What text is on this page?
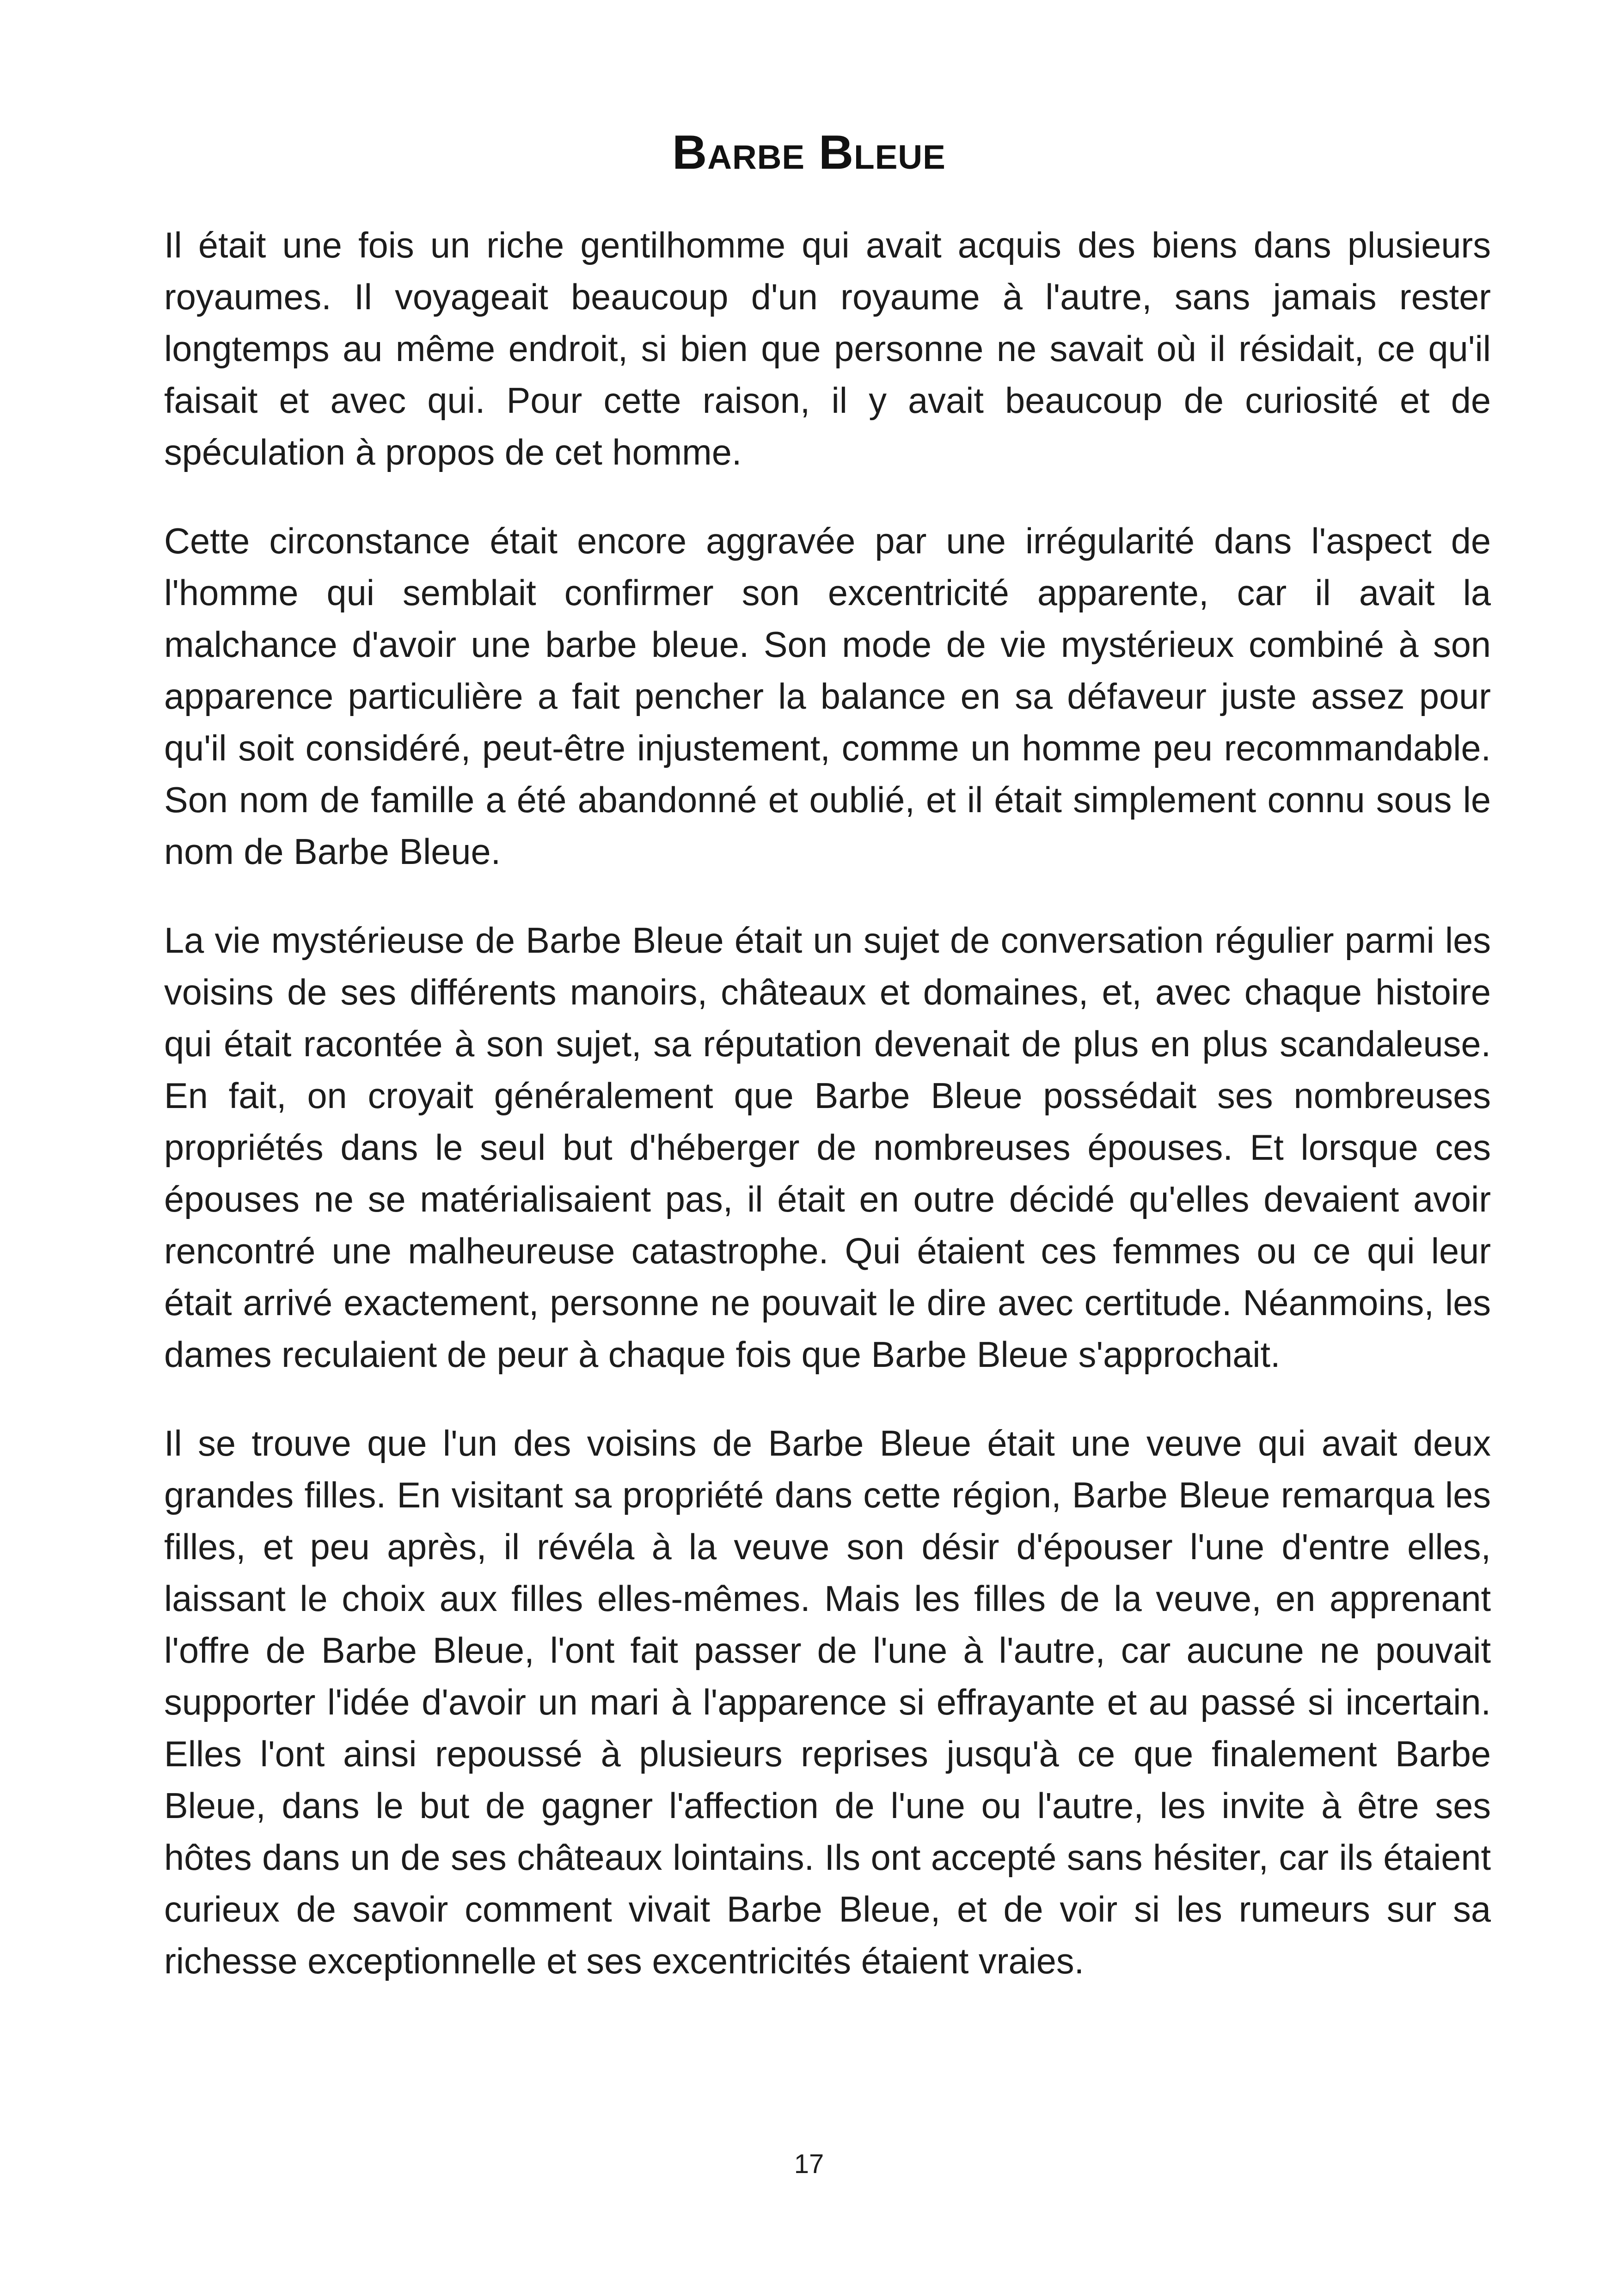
Barbe Bleue

Il était une fois un riche gentilhomme qui avait acquis des biens dans plusieurs royaumes. Il voyageait beaucoup d'un royaume à l'autre, sans jamais rester longtemps au même endroit, si bien que personne ne savait où il résidait, ce qu'il faisait et avec qui. Pour cette raison, il y avait beaucoup de curiosité et de spéculation à propos de cet homme.

Cette circonstance était encore aggravée par une irrégularité dans l'aspect de l'homme qui semblait confirmer son excentricité apparente, car il avait la malchance d'avoir une barbe bleue. Son mode de vie mystérieux combiné à son apparence particulière a fait pencher la balance en sa défaveur juste assez pour qu'il soit considéré, peut-être injustement, comme un homme peu recommandable. Son nom de famille a été abandonné et oublié, et il était simplement connu sous le nom de Barbe Bleue.

La vie mystérieuse de Barbe Bleue était un sujet de conversation régulier parmi les voisins de ses différents manoirs, châteaux et domaines, et, avec chaque histoire qui était racontée à son sujet, sa réputation devenait de plus en plus scandaleuse. En fait, on croyait généralement que Barbe Bleue possédait ses nombreuses propriétés dans le seul but d'héberger de nombreuses épouses. Et lorsque ces épouses ne se matérialisaient pas, il était en outre décidé qu'elles devaient avoir rencontré une malheureuse catastrophe. Qui étaient ces femmes ou ce qui leur était arrivé exactement, personne ne pouvait le dire avec certitude. Néanmoins, les dames reculaient de peur à chaque fois que Barbe Bleue s'approchait.

Il se trouve que l'un des voisins de Barbe Bleue était une veuve qui avait deux grandes filles. En visitant sa propriété dans cette région, Barbe Bleue remarqua les filles, et peu après, il révéla à la veuve son désir d'épouser l'une d'entre elles, laissant le choix aux filles elles-mêmes. Mais les filles de la veuve, en apprenant l'offre de Barbe Bleue, l'ont fait passer de l'une à l'autre, car aucune ne pouvait supporter l'idée d'avoir un mari à l'apparence si effrayante et au passé si incertain. Elles l'ont ainsi repoussé à plusieurs reprises jusqu'à ce que finalement Barbe Bleue, dans le but de gagner l'affection de l'une ou l'autre, les invite à être ses hôtes dans un de ses châteaux lointains. Ils ont accepté sans hésiter, car ils étaient curieux de savoir comment vivait Barbe Bleue, et de voir si les rumeurs sur sa richesse exceptionnelle et ses excentricités étaient vraies.

17
